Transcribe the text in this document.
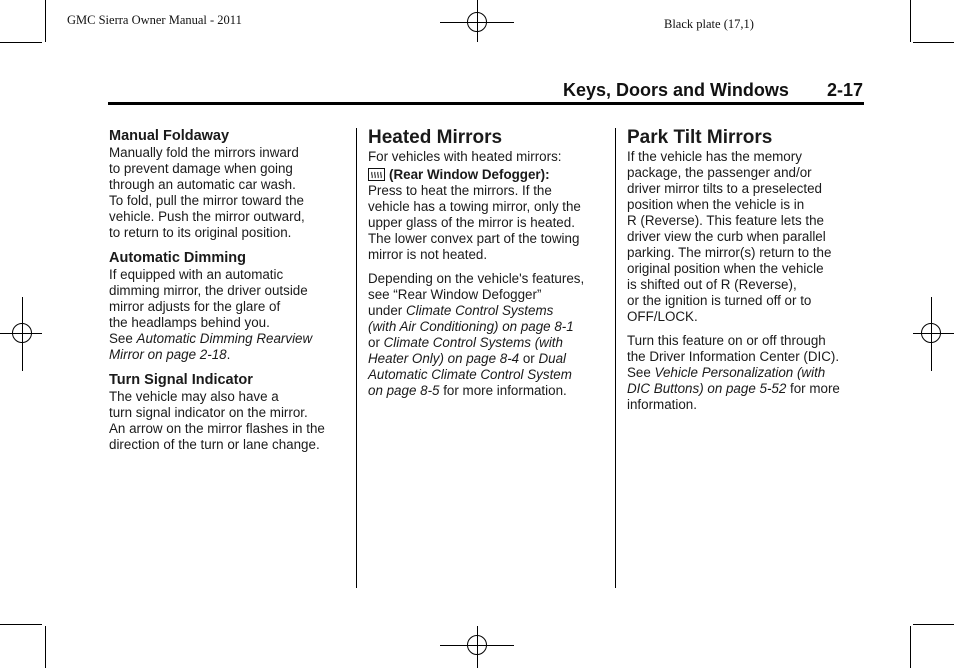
GMC Sierra Owner Manual - 2011	Black plate (17,1)
Keys, Doors and Windows 2-17

Manual Foldaway

Manually fold the mirrors inward

to prevent damage when going

through an automatic car wash.

To fold, pull the mirror toward the

vehicle. Push the mirror outward,

to return to its original position.

Automatic Dimming

If equipped with an automatic

dimming mirror, the driver outside

mirror adjusts for the glare of

the headlamps behind you.

See Automatic Dimming Rearview

Mirror on page 2-18.

Turn Signal Indicator

The vehicle may also have a

turn signal indicator on the mirror.

An arrow on the mirror flashes in the

direction of the turn or lane change.

Heated Mirrors

For vehicles with heated mirrors:

(Rear Window Defogger):

Press to heat the mirrors. If the

vehicle has a towing mirror, only the

upper glass of the mirror is heated.

The lower convex part of the towing

mirror is not heated.

Depending on the vehicle's features,

see “Rear Window Defogger”

under Climate Control Systems

(with Air Conditioning) on page 8-1

or Climate Control Systems (with

Heater Only) on page 8-4 or Dual

Automatic Climate Control System

on page 8-5 for more information.

Park Tilt Mirrors

If the vehicle has the memory

package, the passenger and/or

driver mirror tilts to a preselected

position when the vehicle is in

R (Reverse). This feature lets the

driver view the curb when parallel

parking. The mirror(s) return to the

original position when the vehicle

is shifted out of R (Reverse),

or the ignition is turned off or to

OFF/LOCK.

Turn this feature on or off through

the Driver Information Center (DIC).

See Vehicle Personalization (with

DIC Buttons) on page 5-52 for more

information.
